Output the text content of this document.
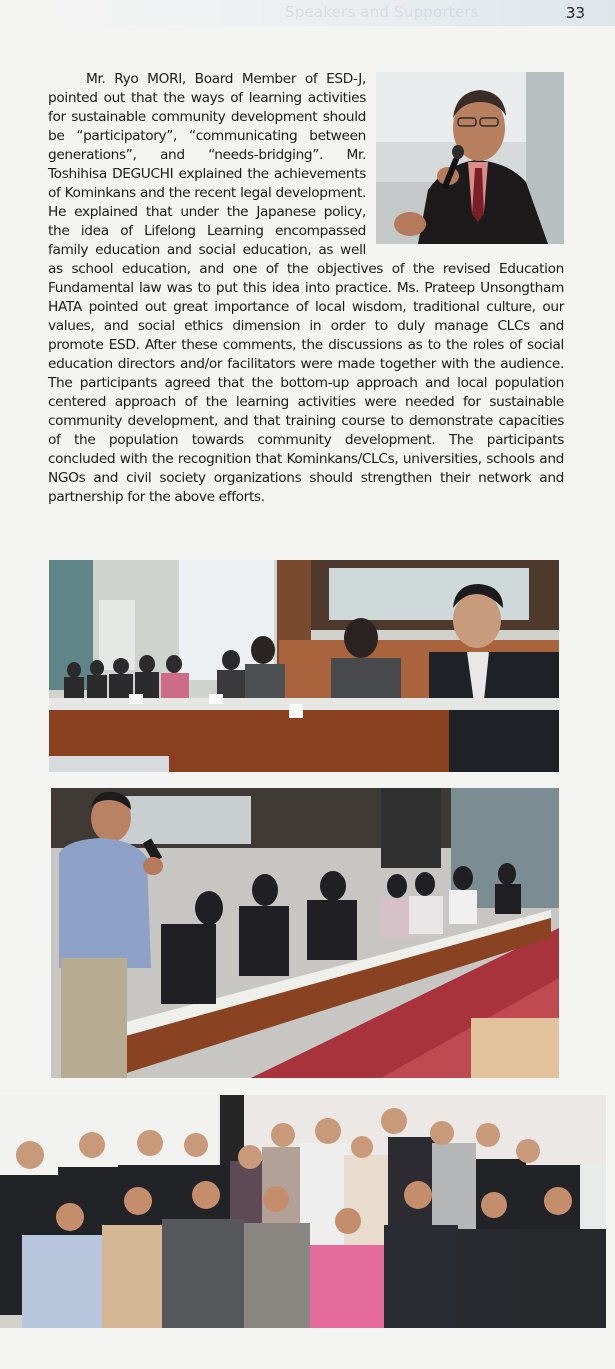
Speakers and Supporters	33

Mr. Ryo MORI, Board Member of ESD-J, pointed out that the ways of learning activities for sustainable community development should be “participatory”, “communicating between generations”, and “needs-bridging”. Mr. Toshihisa DEGUCHI explained the achievements of Kominkans and the recent legal development. He explained that under the Japanese policy, the idea of Lifelong Learning encompassed family education and social education, as well as school education, and one of the objectives of the revised Education Fundamental law was to put this idea into practice. Ms. Prateep Unsongtham HATA pointed out great importance of local wisdom, traditional culture, our values, and social ethics dimension in order to duly manage CLCs and promote ESD. After these comments, the discussions as to the roles of social education directors and/or facilitators were made together with the audience. The participants agreed that the bottom-up approach and local population centered approach of the learning activities were needed for sustainable community development, and that training course to demonstrate capacities of the population towards community development. The participants concluded with the recognition that Kominkans/CLCs, universities, schools and NGOs and civil society organizations should strengthen their network and partnership for the above efforts.
